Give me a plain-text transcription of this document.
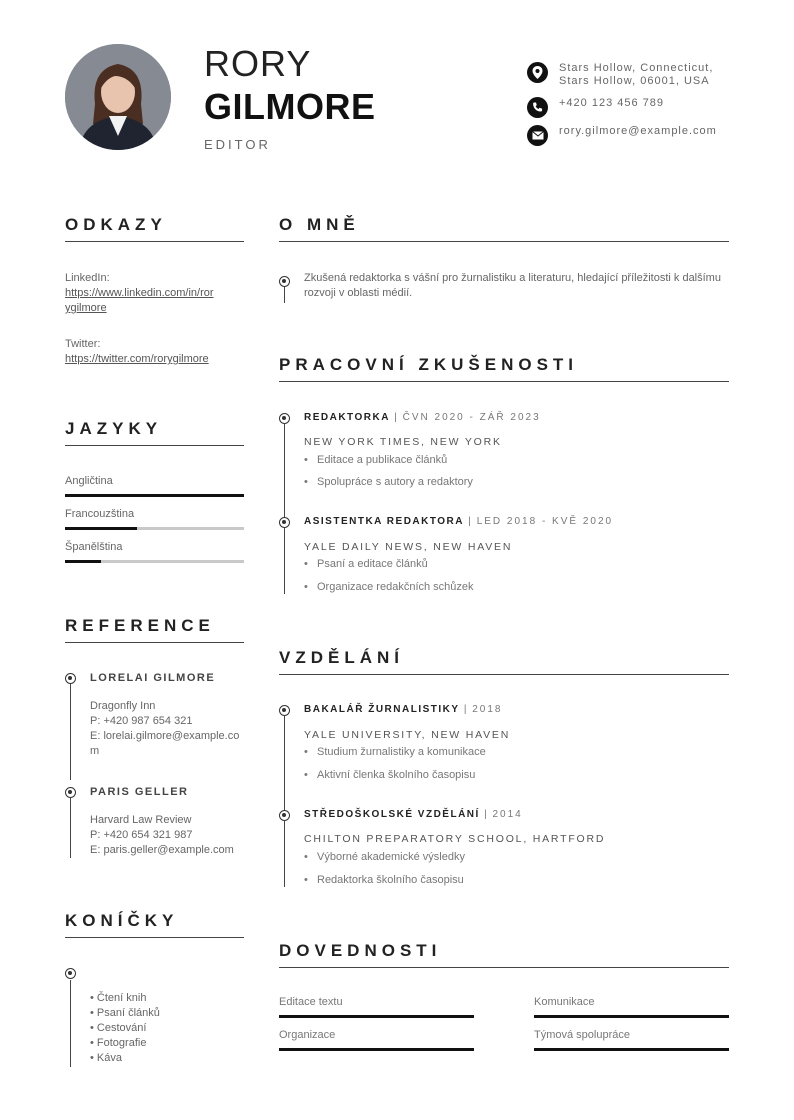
RORY
GILMORE
EDITOR
Stars Hollow, Connecticut,
Stars Hollow, 06001, USA
+420 123 456 789
rory.gilmore@example.com
ODKAZY
LinkedIn:
https://www.linkedin.com/in/ror
ygilmore
Twitter:
https://twitter.com/rorygilmore
JAZYKY
Angličtina
Francouzština
Španělština
REFERENCE
LORELAI GILMORE
Dragonfly Inn
P: +420 987 654 321
E: lorelai.gilmore@example.com
PARIS GELLER
Harvard Law Review
P: +420 654 321 987
E: paris.geller@example.com
KONÍČKY
• Čtení knih
• Psaní článků
• Cestování
• Fotografie
• Káva
O MNĚ
Zkušená redaktorka s vášní pro žurnalistiku a literaturu, hledající příležitosti k dalšímu rozvoji v oblasti médií.
PRACOVNÍ ZKUŠENOSTI
REDAKTORKA | ČVN 2020 - ZÁŘ 2023
NEW YORK TIMES, NEW YORK
• Editace a publikace článků
• Spolupráce s autory a redaktory
ASISTENTKA REDAKTORA | LED 2018 - KVĚ 2020
YALE DAILY NEWS, NEW HAVEN
• Psaní a editace článků
• Organizace redakčních schůzek
VZDĚLÁNÍ
BAKALÁŘ ŽURNALISTIKY | 2018
YALE UNIVERSITY, NEW HAVEN
• Studium žurnalistiky a komunikace
• Aktivní členka školního časopisu
STŘEDOŠKOLSKÉ VZDĚLÁNÍ | 2014
CHILTON PREPARATORY SCHOOL, HARTFORD
• Výborné akademické výsledky
• Redaktorka školního časopisu
DOVEDNOSTI
Editace textu	Komunikace
Organizace	Týmová spolupráce
